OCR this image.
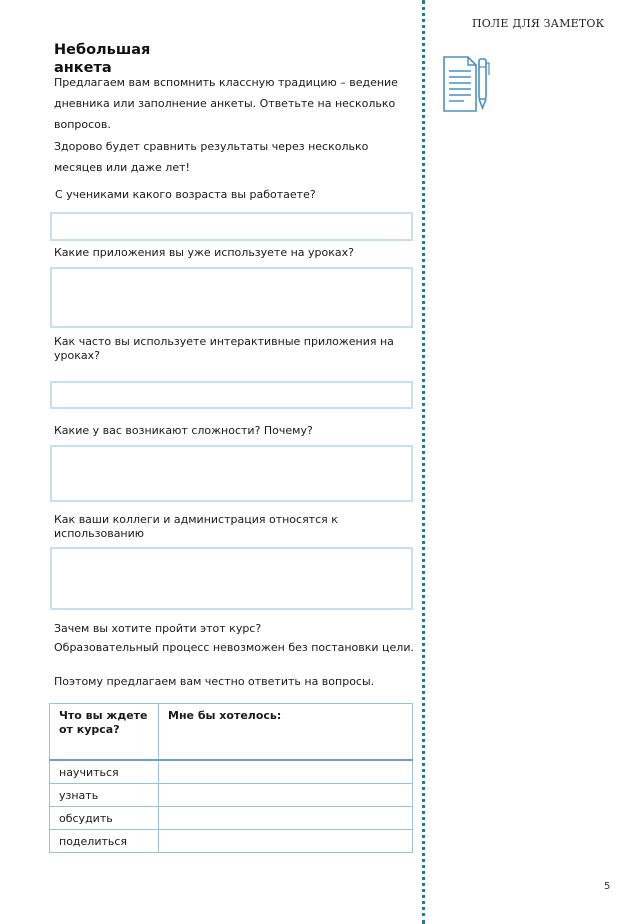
ПОЛЕ ДЛЯ ЗАМЕТОК
Небольшая анкета
Предлагаем вам вспомнить классную традицию – ведение дневника или заполнение анкеты. Ответьте на несколько вопросов.
Здорово будет сравнить результаты через несколько месяцев или даже лет!
С учениками какого возраста вы работаете?
Какие приложения вы уже используете на уроках?
Как часто вы используете интерактивные приложения на уроках?
Какие у вас возникают сложности? Почему?
Как ваши коллеги и администрация относятся к использованию
Зачем вы хотите пройти этот курс?
Образовательный процесс невозможен без постановки цели.
Поэтому предлагаем вам честно ответить на вопросы.
Что вы ждете от курса?	Мне бы хотелось:
научиться	
узнать	
обсудить	
поделиться	
5
